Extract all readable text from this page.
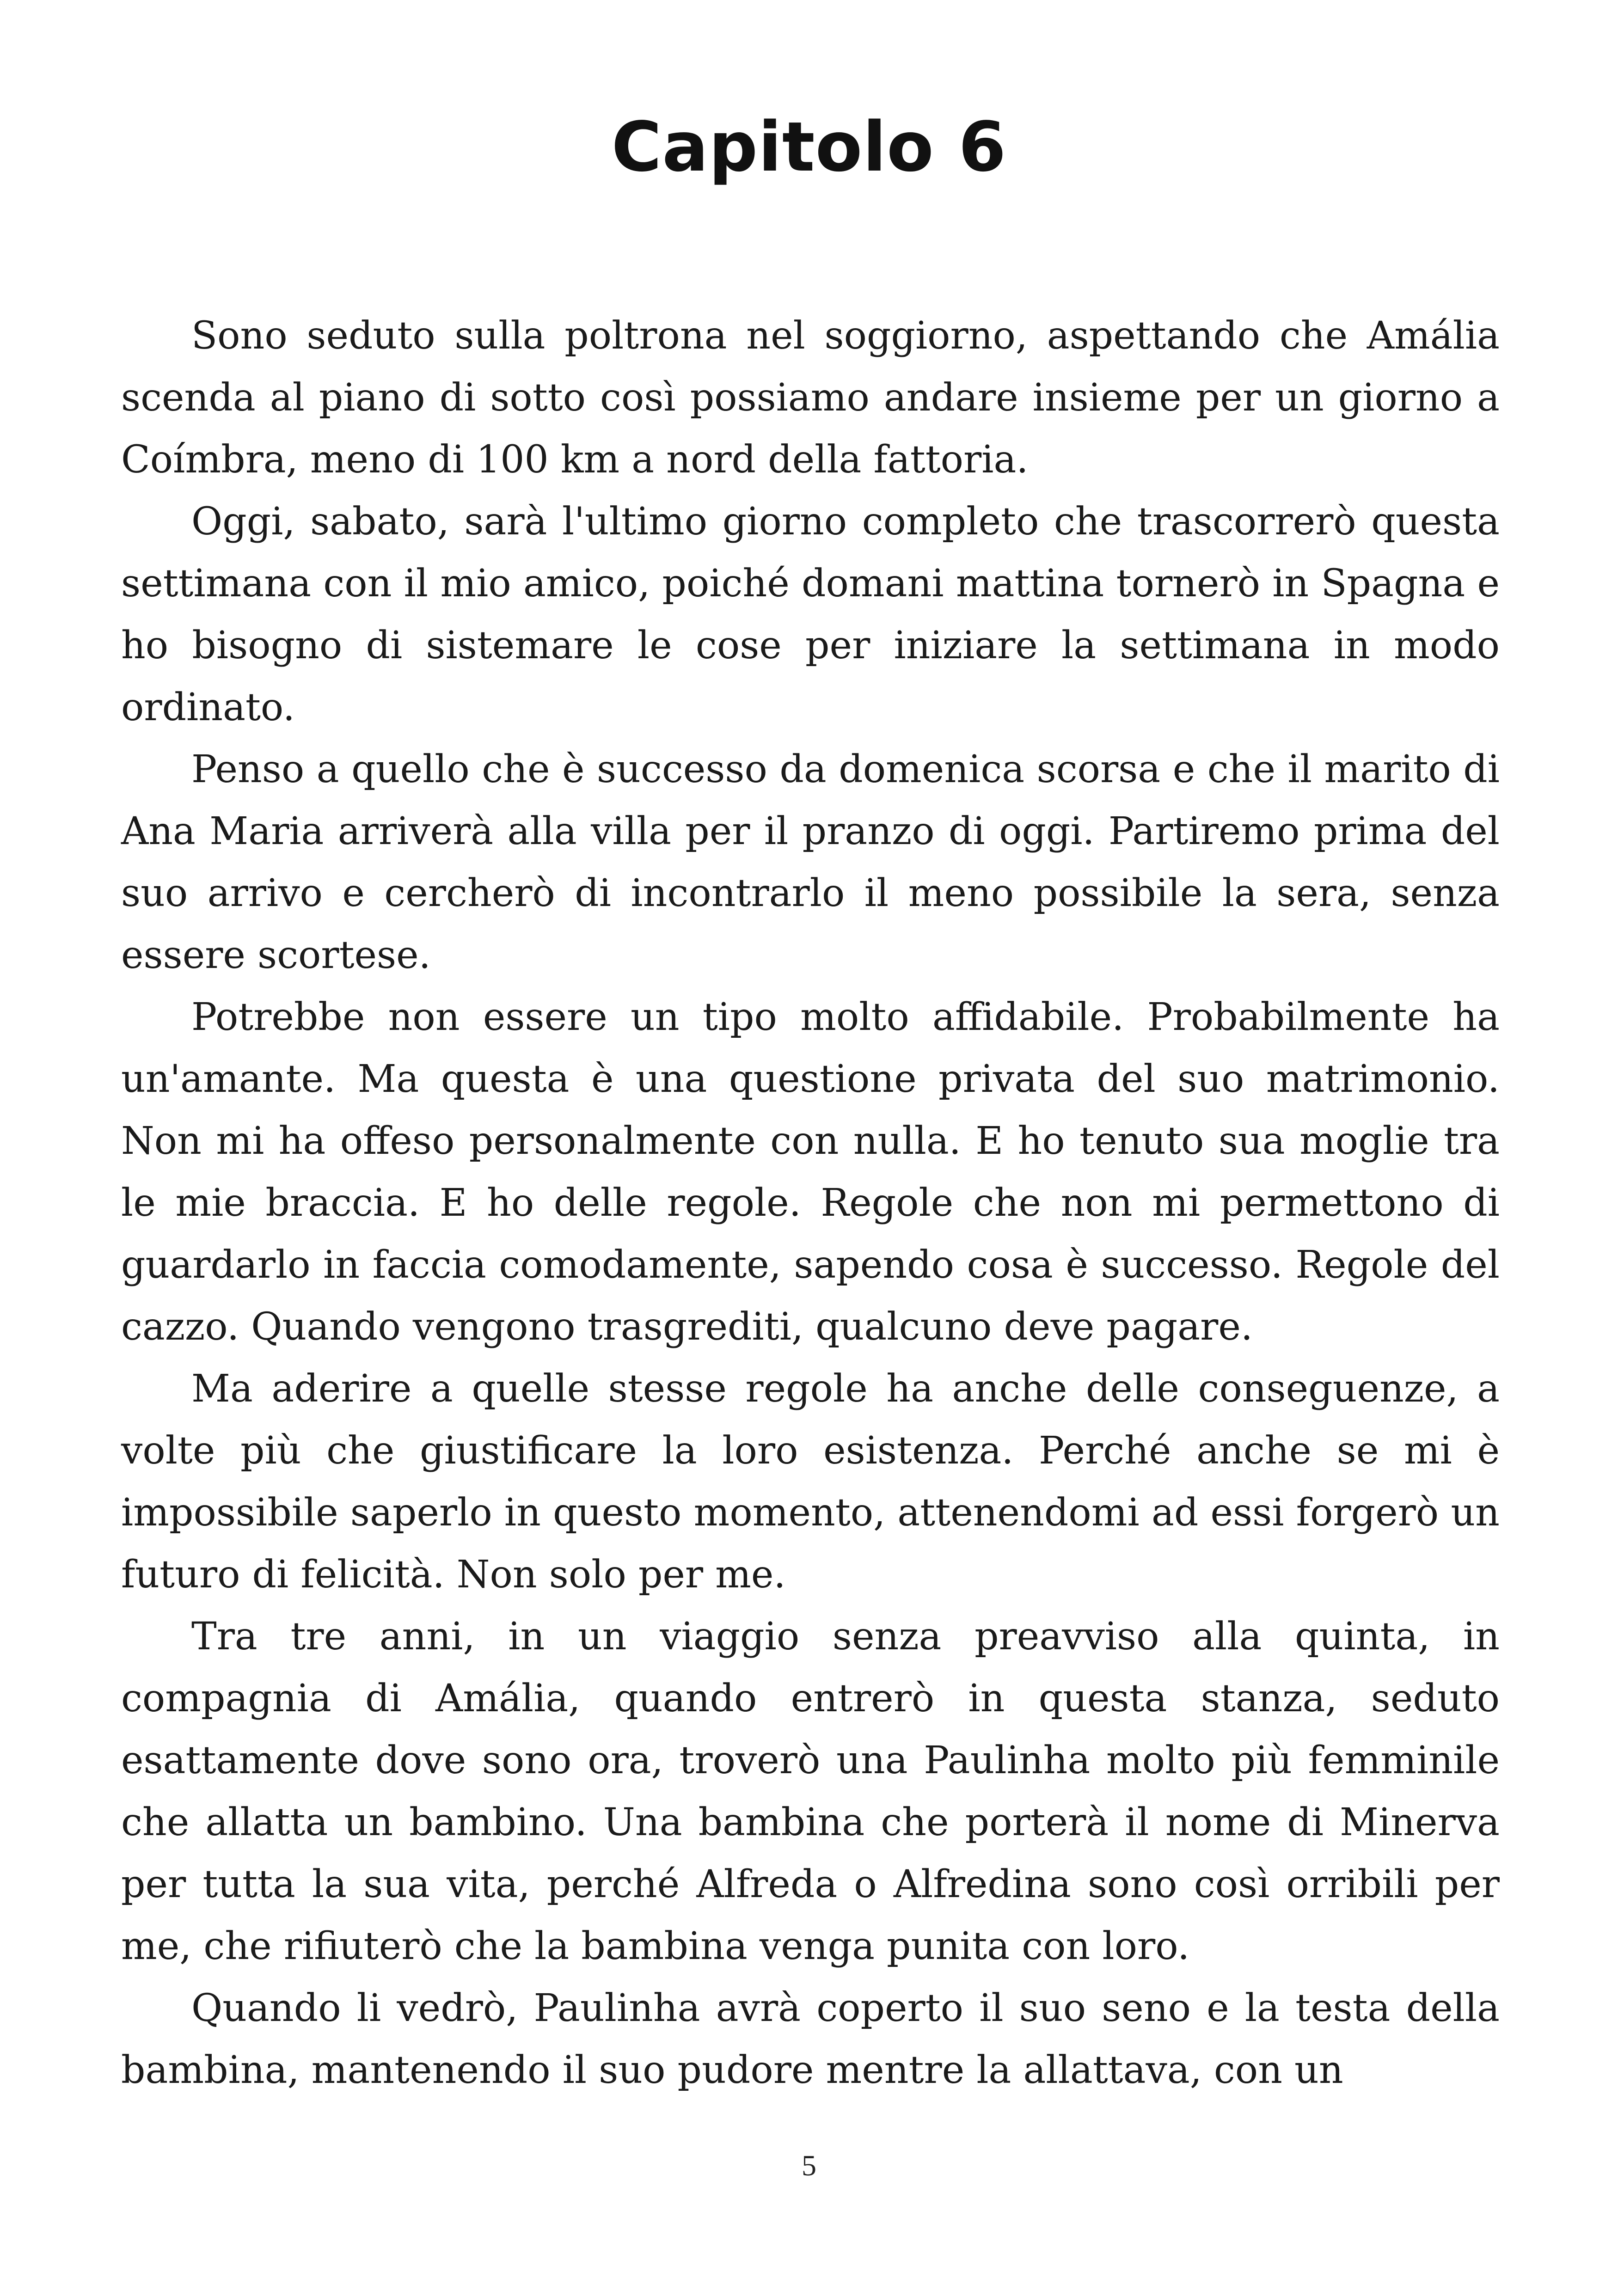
Capitolo 6

Sono seduto sulla poltrona nel soggiorno, aspettando che Amália scenda al piano di sotto così possiamo andare insieme per un giorno a Coímbra, meno di 100 km a nord della fattoria.

Oggi, sabato, sarà l'ultimo giorno completo che trascorrerò questa settimana con il mio amico, poiché domani mattina tornerò in Spagna e ho bisogno di sistemare le cose per iniziare la settimana in modo ordinato.

Penso a quello che è successo da domenica scorsa e che il marito di Ana Maria arriverà alla villa per il pranzo di oggi. Partiremo prima del suo arrivo e cercherò di incontrarlo il meno possibile la sera, senza essere scortese.

Potrebbe non essere un tipo molto affidabile. Probabilmente ha un'amante. Ma questa è una questione privata del suo matrimonio. Non mi ha offeso personalmente con nulla. E ho tenuto sua moglie tra le mie braccia. E ho delle regole. Regole che non mi permettono di guardarlo in faccia comodamente, sapendo cosa è successo. Regole del cazzo. Quando vengono trasgrediti, qualcuno deve pagare.

Ma aderire a quelle stesse regole ha anche delle conseguenze, a volte più che giustificare la loro esistenza. Perché anche se mi è impossibile saperlo in questo momento, attenendomi ad essi forgerò un futuro di felicità. Non solo per me.

Tra tre anni, in un viaggio senza preavviso alla quinta, in compagnia di Amália, quando entrerò in questa stanza, seduto esattamente dove sono ora, troverò una Paulinha molto più femminile che allatta un bambino. Una bambina che porterà il nome di Minerva per tutta la sua vita, perché Alfreda o Alfredina sono così orribili per me, che rifiuterò che la bambina venga punita con loro.

Quando li vedrò, Paulinha avrà coperto il suo seno e la testa della bambina, mantenendo il suo pudore mentre la allattava, con un

5
